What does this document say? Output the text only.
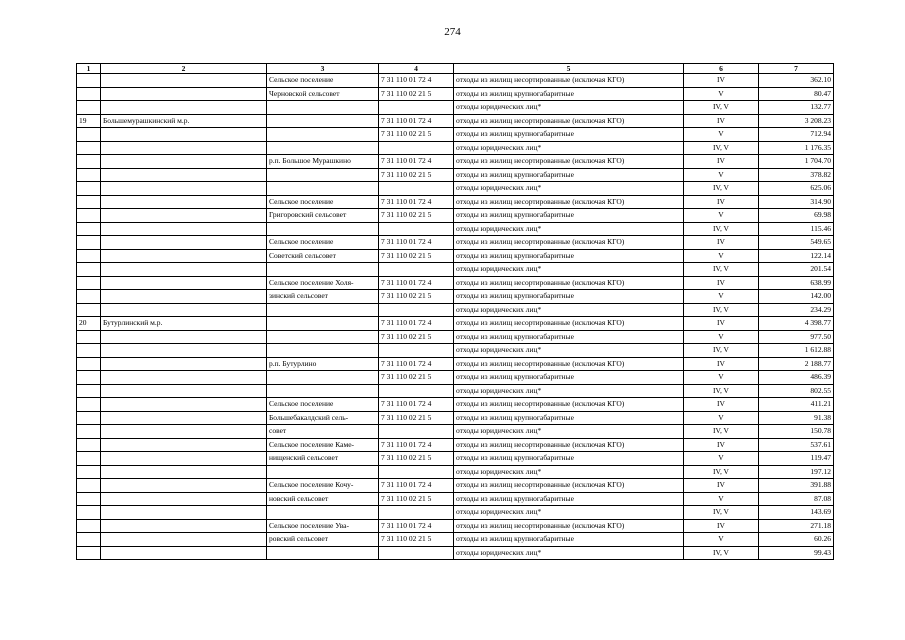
274
1	2	3	4	5	6	7
		Сельское поселение	7 31 110 01 72 4	отходы из жилищ несортированные (исключая КГО)	IV	362.10
		Черновской сельсовет	7 31 110 02 21 5	отходы из жилищ крупногабаритные	V	80.47
				отходы юридических лиц*	IV, V	132.77
19	Большемурашкинский м.р.		7 31 110 01 72 4	отходы из жилищ несортированные (исключая КГО)	IV	3 208.23
			7 31 110 02 21 5	отходы из жилищ крупногабаритные	V	712.94
				отходы юридических лиц*	IV, V	1 176.35
		р.п. Большое Мурашкино	7 31 110 01 72 4	отходы из жилищ несортированные (исключая КГО)	IV	1 704.70
			7 31 110 02 21 5	отходы из жилищ крупногабаритные	V	378.82
				отходы юридических лиц*	IV, V	625.06
		Сельское поселение	7 31 110 01 72 4	отходы из жилищ несортированные (исключая КГО)	IV	314.90
		Григоровский сельсовет	7 31 110 02 21 5	отходы из жилищ крупногабаритные	V	69.98
				отходы юридических лиц*	IV, V	115.46
		Сельское поселение	7 31 110 01 72 4	отходы из жилищ несортированные (исключая КГО)	IV	549.65
		Советский сельсовет	7 31 110 02 21 5	отходы из жилищ крупногабаритные	V	122.14
				отходы юридических лиц*	IV, V	201.54
		Сельское поселение Холя-	7 31 110 01 72 4	отходы из жилищ несортированные (исключая КГО)	IV	638.99
		зинский сельсовет	7 31 110 02 21 5	отходы из жилищ крупногабаритные	V	142.00
				отходы юридических лиц*	IV, V	234.29
20	Бутурлинский м.р.		7 31 110 01 72 4	отходы из жилищ несортированные (исключая КГО)	IV	4 398.77
			7 31 110 02 21 5	отходы из жилищ крупногабаритные	V	977.50
				отходы юридических лиц*	IV, V	1 612.88
		р.п. Бутурлино	7 31 110 01 72 4	отходы из жилищ несортированные (исключая КГО)	IV	2 188.77
			7 31 110 02 21 5	отходы из жилищ крупногабаритные	V	486.39
				отходы юридических лиц*	IV, V	802.55
		Сельское поселение	7 31 110 01 72 4	отходы из жилищ несортированные (исключая КГО)	IV	411.21
		Большебакалдский сель-	7 31 110 02 21 5	отходы из жилищ крупногабаритные	V	91.38
		совет		отходы юридических лиц*	IV, V	150.78
		Сельское поселение Каме-	7 31 110 01 72 4	отходы из жилищ несортированные (исключая КГО)	IV	537.61
		нищенский сельсовет	7 31 110 02 21 5	отходы из жилищ крупногабаритные	V	119.47
				отходы юридических лиц*	IV, V	197.12
		Сельское поселение Кочу-	7 31 110 01 72 4	отходы из жилищ несортированные (исключая КГО)	IV	391.88
		новский сельсовет	7 31 110 02 21 5	отходы из жилищ крупногабаритные	V	87.08
				отходы юридических лиц*	IV, V	143.69
		Сельское поселение Ува-	7 31 110 01 72 4	отходы из жилищ несортированные (исключая КГО)	IV	271.18
		ровский сельсовет	7 31 110 02 21 5	отходы из жилищ крупногабаритные	V	60.26
				отходы юридических лиц*	IV, V	99.43
